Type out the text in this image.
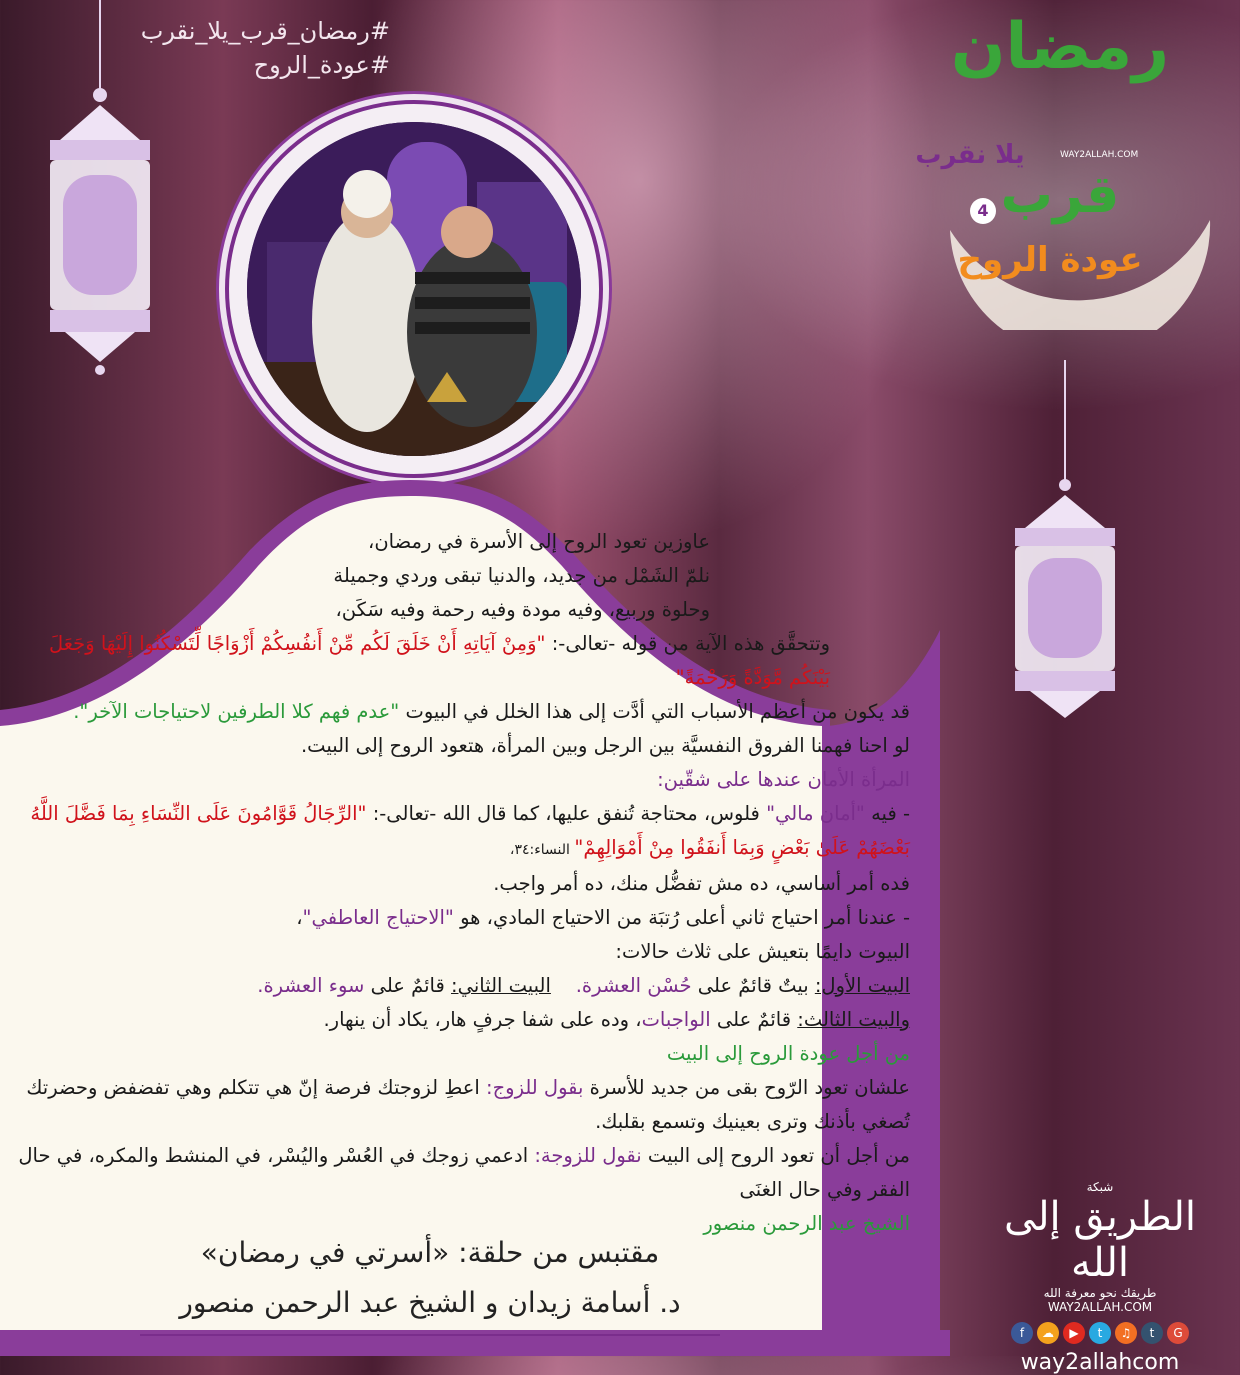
#رمضان_قرب_يلا_نقرب
#عودة_الروح	رمضان
يلا نقرب	WAY2ALLAH.COM
قرب
4
عودة الروح

عاوزين تعود الروح إلى الأسرة في رمضان،

نلمّ الشَمْل من جديد، والدنيا تبقى وردي وجميلة

وحلوة وربيع، وفيه مودة وفيه رحمة وفيه سَكَن،

وتتحقَّق هذه الآية من قوله -تعالى-: "وَمِنْ آيَاتِهِ أَنْ خَلَقَ لَكُم مِّنْ أَنفُسِكُمْ أَزْوَاجًا لِّتَسْكُنُوا إِلَيْهَا وَجَعَلَ بَيْنَكُم مَّوَدَّةً وَرَحْمَةً"

قد يكون من أعظم الأسباب التي أدَّت إلى هذا الخلل في البيوت "عدم فهم كلا الطرفين لاحتياجات الآخر".

لو احنا فهمنا الفروق النفسيَّة بين الرجل وبين المرأة، هتعود الروح إلى البيت.

المرأة الأمان عندها على شقّين:

- فيه "أمان مالي" فلوس، محتاجة تُنفق عليها، كما قال الله -تعالى-: "الرِّجَالُ قَوَّامُونَ عَلَى النِّسَاءِ بِمَا فَضَّلَ اللَّهُ بَعْضَهُمْ عَلَىٰ بَعْضٍ وَبِمَا أَنفَقُوا مِنْ أَمْوَالِهِمْ" النساء:٣٤،

فده أمر أساسي، ده مش تفضُّل منك، ده أمر واجب.

- عندنا أمر احتياج ثاني أعلى رُتبَة من الاحتياج المادي، هو "الاحتياج العاطفي"،

البيوت دايمًا بتعيش على ثلاث حالات:

البيت الأول: بيتٌ قائمٌ على حُسْن العشرة.    البيت الثاني: قائمٌ على سوء العشرة.

والبيت الثالث: قائمٌ على الواجبات، وده على شفا جرفٍ هار، يكاد أن ينهار.

من أجل عودة الروح إلى البيت

علشان تعود الرّوح بقى من جديد للأسرة بقول للزوج: اعطِ لزوجتك فرصة إنّ هي تتكلم وهي تفضفض وحضرتك تُصغي بأذنك وترى بعينيك وتسمع بقلبك.

من أجل أن تعود الروح إلى البيت نقول للزوجة: ادعمي زوجك في العُسْر واليُسْر، في المنشط والمكره، في حال الفقر وفي حال الغنَى

الشيخ عبد الرحمن منصور

مقتبس من حلقة: «أسرتي في رمضان»
د. أسامة زيدان و الشيخ عبد الرحمن منصور
شبكة
الطريق إلى الله
طريقك نحو معرفة الله
WAY2ALLAH.COM
f	☁	▶	t	♫	t	G
way2allahcom
